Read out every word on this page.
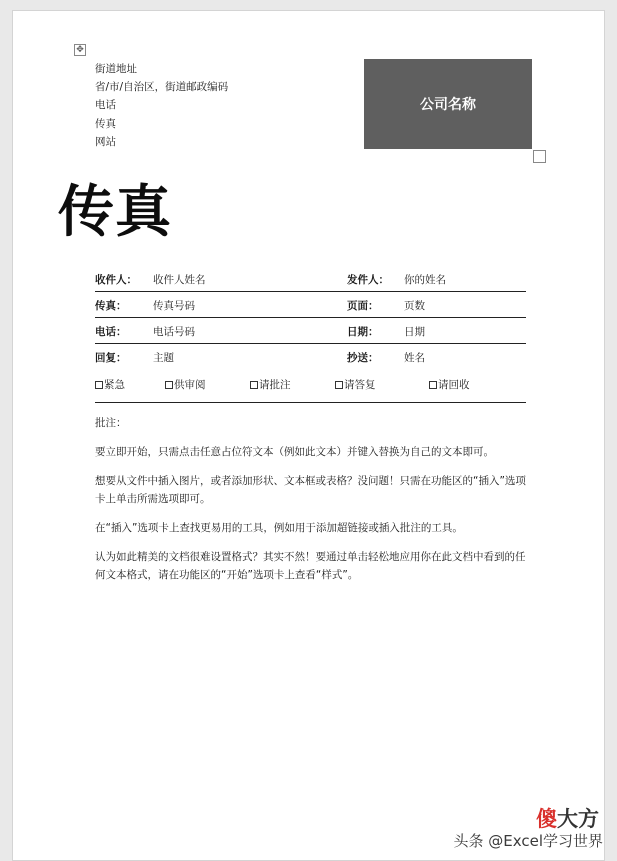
✥
街道地址
省/市/自治区，街道邮政编码
电话
传真
网站
公司名称
传真
收件人： 收件人姓名	发件人： 你的姓名
传真：	传真号码	页面： 页数
电话：	电话号码	日期： 日期
回复：	主题	抄送： 姓名
紧急	供审阅	请批注	请答复	请回收

批注：

要立即开始，只需点击任意占位符文本（例如此文本）并键入替换为自己的文本即可。

想要从文件中插入图片，或者添加形状、文本框或表格？没问题！只需在功能区的“插入”选项卡上单击所需选项即可。

在“插入”选项卡上查找更易用的工具，例如用于添加超链接或插入批注的工具。

认为如此精美的文档很难设置格式？其实不然！要通过单击轻松地应用你在此文档中看到的任何文本格式，请在功能区的“开始”选项卡上查看“样式”。

头条 @Excel学习世界
傻大方
